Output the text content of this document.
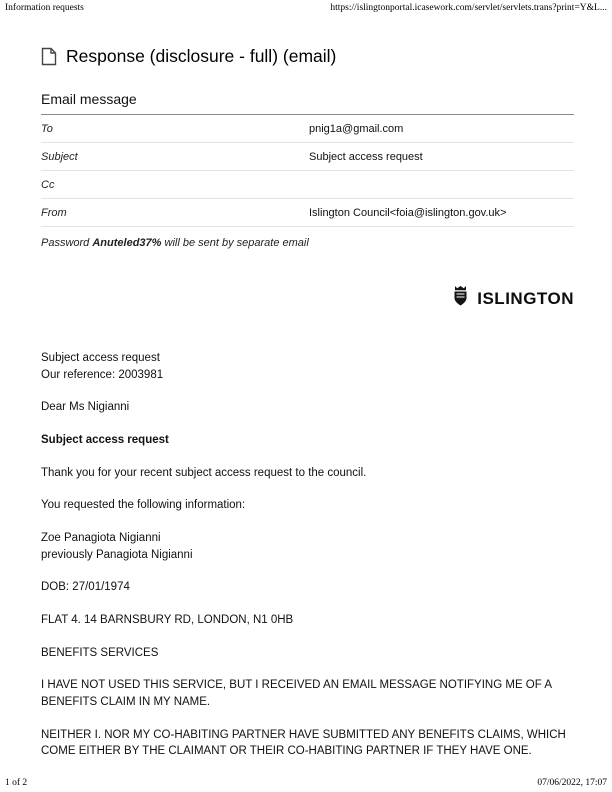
Information requests	https://islingtonportal.icasework.com/servlet/servlets.trans?print=Y&L...
Response (disclosure - full) (email)
Email message
To	pnig1a@gmail.com
Subject	Subject access request
Cc
From	Islington Council<foia@islington.gov.uk>
Password Anuteled37% will be sent by separate email
ISLINGTON

Subject access request
Our reference: 2003981

Dear Ms Nigianni

Subject access request

Thank you for your recent subject access request to the council.

You requested the following information:

Zoe Panagiota Nigianni
previously Panagiota Nigianni

DOB: 27/01/1974

FLAT 4. 14 BARNSBURY RD, LONDON, N1 0HB

BENEFITS SERVICES

I HAVE NOT USED THIS SERVICE, BUT I RECEIVED AN EMAIL MESSAGE NOTIFYING ME OF A BENEFITS CLAIM IN MY NAME.

NEITHER I. NOR MY CO-HABITING PARTNER HAVE SUBMITTED ANY BENEFITS CLAIMS, WHICH COME EITHER BY THE CLAIMANT OR THEIR CO-HABITING PARTNER IF THEY HAVE ONE.

1 of 2	07/06/2022, 17:07
